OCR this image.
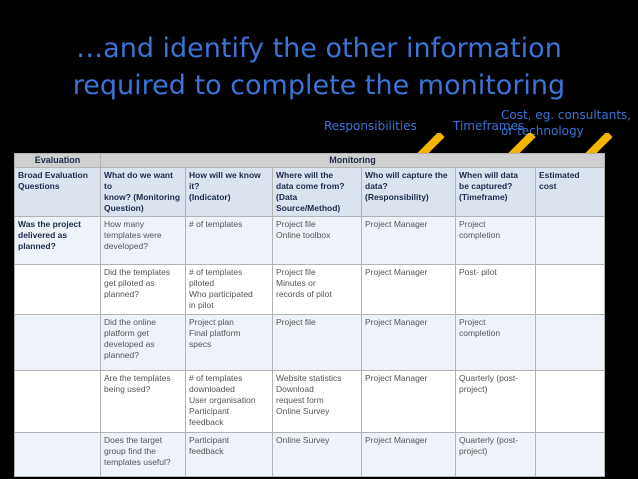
…and identify the other information
required to complete the monitoring
Responsibilities	Timeframes
Cost, eg. consultants,
or technology
Evaluation	Monitoring					
Broad Evaluation
Questions	What do we want to
know? (Monitoring
Question)	How will we know
it?
(Indicator)	Where will the
data come from?
(Data
Source/Method)	Who will capture the
data?
(Responsibility)	When will data
be captured?
(Timeframe)	Estimated
cost
Was the project
delivered as
planned?	How many
templates were
developed?	# of templates	Project file
Online toolbox	Project Manager	Project
completion	
	Did the templates
get piloted as
planned?	# of templates
piloted
Who participated
in pilot	Project file
Minutes or
records of pilot	Project Manager	Post- pilot	
	Did the online
platform get
developed as
planned?	Project plan
Final platform
specs	Project file	Project Manager	Project
completion	
	Are the templates
being used?	# of templates
downloaded
User organisation
Participant
feedback	Website statistics
Download
request form
Online Survey	Project Manager	Quarterly (post-
project)	
	Does the target
group find the
templates useful?	Participant
feedback	Online Survey	Project Manager	Quarterly (post-
project)	
